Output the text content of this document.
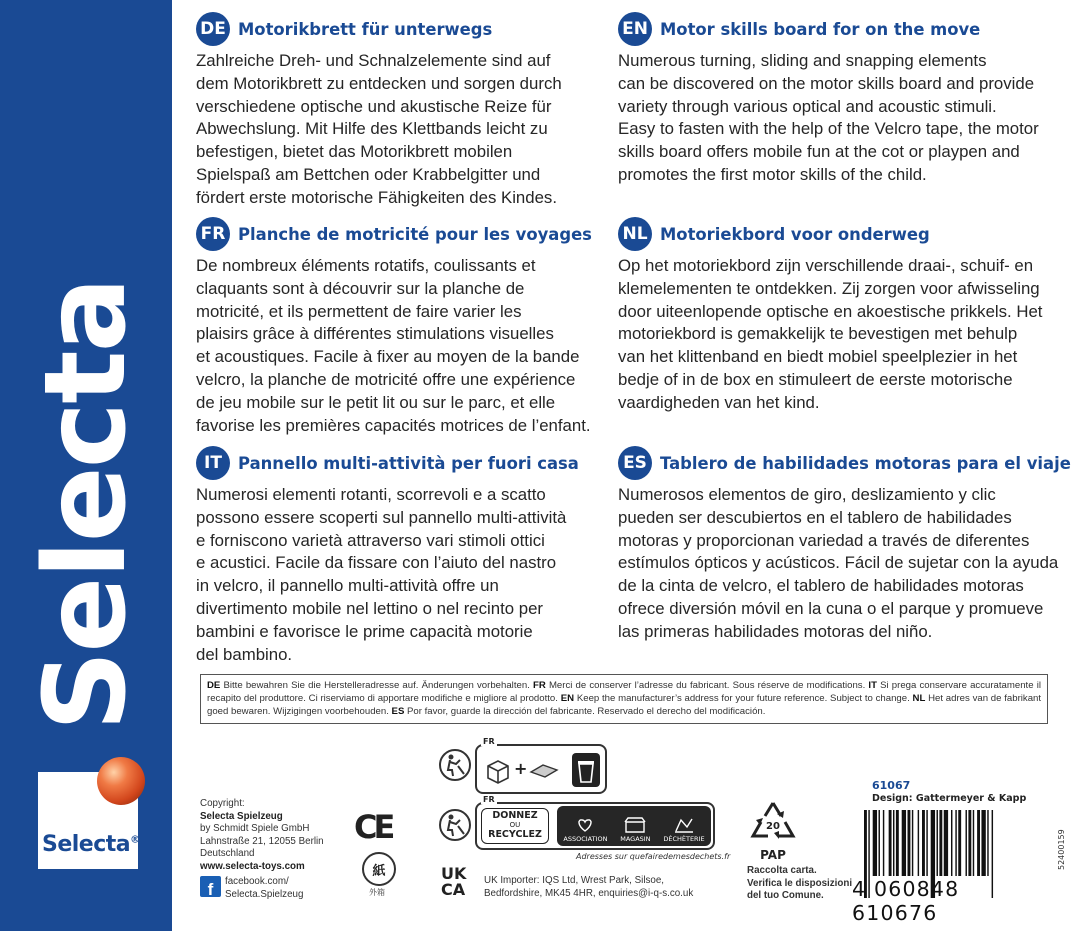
Selecta
Selecta®
DE Motorikbrett für unterwegs
Zahlreiche Dreh- und Schnalzelemente sind auf
dem Motorikbrett zu entdecken und sorgen durch
verschiedene optische und akustische Reize für
Abwechslung. Mit Hilfe des Klettbands leicht zu
befestigen, bietet das Motorikbrett mobilen
Spielspaß am Bettchen oder Krabbelgitter und
fördert erste motorische Fähigkeiten des Kindes.
EN Motor skills board for on the move
Numerous turning, sliding and snapping elements
can be discovered on the motor skills board and provide
variety through various optical and acoustic stimuli.
Easy to fasten with the help of the Velcro tape, the motor
skills board offers mobile fun at the cot or playpen and
promotes the first motor skills of the child.
FR Planche de motricité pour les voyages
De nombreux éléments rotatifs, coulissants et
claquants sont à découvrir sur la planche de
motricité, et ils permettent de faire varier les
plaisirs grâce à différentes stimulations visuelles
et acoustiques. Facile à fixer au moyen de la bande
velcro, la planche de motricité offre une expérience
de jeu mobile sur le petit lit ou sur le parc, et elle
favorise les premières capacités motrices de l’enfant.
NL Motoriekbord voor onderweg
Op het motoriekbord zijn verschillende draai-, schuif- en
klemelementen te ontdekken. Zij zorgen voor afwisseling
door uiteenlopende optische en akoestische prikkels. Het
motoriekbord is gemakkelijk te bevestigen met behulp
van het klittenband en biedt mobiel speelplezier in het
bedje of in de box en stimuleert de eerste motorische
vaardigheden van het kind.
IT Pannello multi-attività per fuori casa
Numerosi elementi rotanti, scorrevoli e a scatto
possono essere scoperti sul pannello multi-attività
e forniscono varietà attraverso vari stimoli ottici
e acustici. Facile da fissare con l’aiuto del nastro
in velcro, il pannello multi-attività offre un
divertimento mobile nel lettino o nel recinto per
bambini e favorisce le prime capacità motorie
del bambino.
ES Tablero de habilidades motoras para el viaje
Numerosos elementos de giro, deslizamiento y clic
pueden ser descubiertos en el tablero de habilidades
motoras y proporcionan variedad a través de diferentes
estímulos ópticos y acústicos. Fácil de sujetar con la ayuda
de la cinta de velcro, el tablero de habilidades motoras
ofrece diversión móvil en la cuna o el parque y promueve
las primeras habilidades motoras del niño.
DE Bitte bewahren Sie die Herstelleradresse auf. Änderungen vorbehalten. FR Merci de conserver l’adresse du fabricant. Sous réserve de modifications. IT Si prega conservare accuratamente il recapito del produttore. Ci riserviamo di apportare modifiche e migliore al prodotto. EN Keep the manufacturer’s address for your future reference. Subject to change. NL Het adres van de fabrikant goed bewaren. Wijzigingen voorbehouden. ES Por favor, guarde la dirección del fabricante. Reservado el derecho del modificación.
Copyright:
Selecta Spielzeug
by Schmidt Spiele GmbH
Lahnstraße 21, 12055 Berlin
Deutschland
www.selecta-toys.com
f	facebook.com/
Selecta.Spielzeug
CE
紙
外箱
FR
+
FR
DONNEZ
OU
RECYCLEZ	ASSOCIATION MAGASIN DÉCHÈTERIE
Adresses sur quefairedemesdechets.fr
UK
CA UK Importer: IQS Ltd, Wrest Park, Silsoe,
Bedfordshire, MK45 4HR, enquiries@i-q-s.co.uk
20
PAP
Raccolta carta.
Verifica le disposizioni
del tuo Comune.
61067
Design: Gattermeyer & Kapp
4 060848 610676
52400159
